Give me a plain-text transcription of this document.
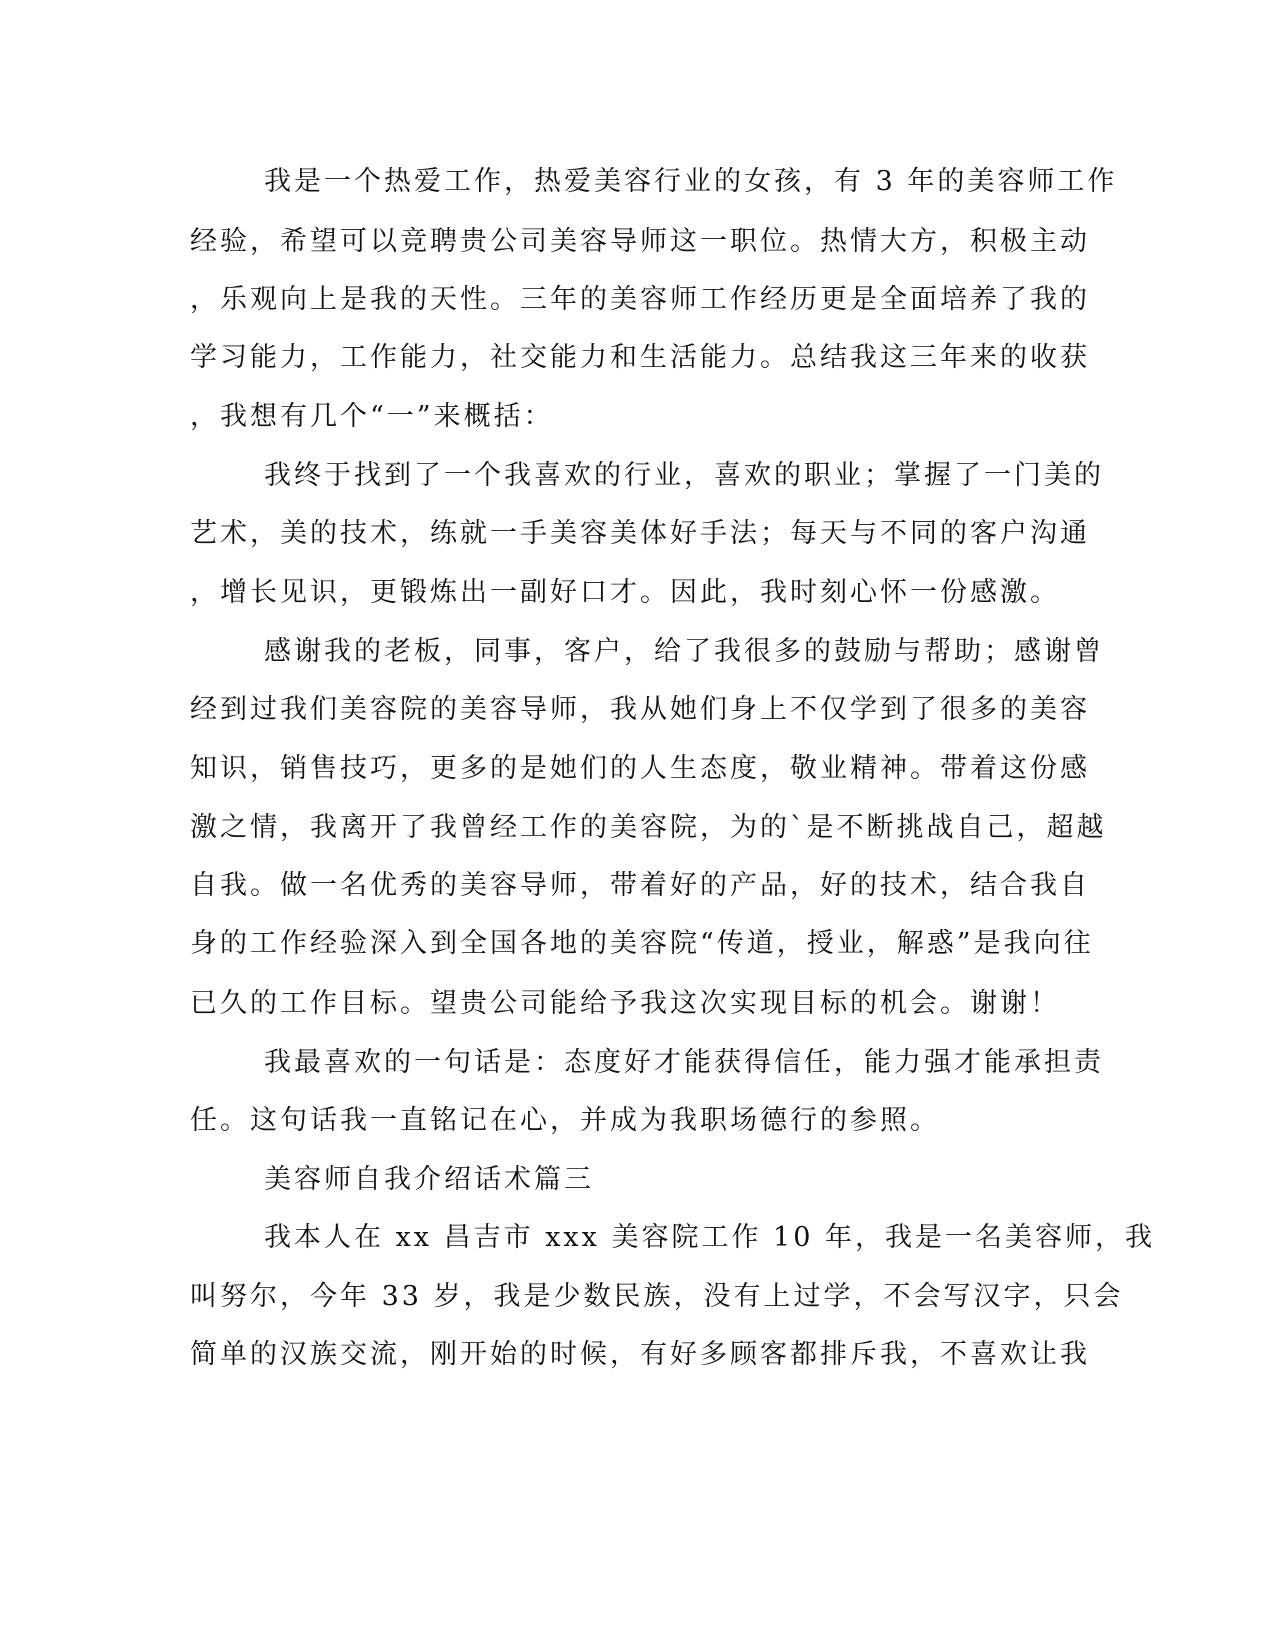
我是一个热爱工作，热爱美容行业的女孩，有 3 年的美容师工作
经验，希望可以竞聘贵公司美容导师这一职位。热情大方，积极主动
，乐观向上是我的天性。三年的美容师工作经历更是全面培养了我的
学习能力，工作能力，社交能力和生活能力。总结我这三年来的收获
，我想有几个“一”来概括：
我终于找到了一个我喜欢的行业，喜欢的职业；掌握了一门美的
艺术，美的技术，练就一手美容美体好手法；每天与不同的客户沟通
，增长见识，更锻炼出一副好口才。因此，我时刻心怀一份感激。
感谢我的老板，同事，客户，给了我很多的鼓励与帮助；感谢曾
经到过我们美容院的美容导师，我从她们身上不仅学到了很多的美容
知识，销售技巧，更多的是她们的人生态度，敬业精神。带着这份感
激之情，我离开了我曾经工作的美容院，为的`是不断挑战自己，超越
自我。做一名优秀的美容导师，带着好的产品，好的技术，结合我自
身的工作经验深入到全国各地的美容院“传道，授业，解惑”是我向往
已久的工作目标。望贵公司能给予我这次实现目标的机会。谢谢！
我最喜欢的一句话是：态度好才能获得信任，能力强才能承担责
任。这句话我一直铭记在心，并成为我职场德行的参照。
美容师自我介绍话术篇三
我本人在 xx 昌吉市 xxx 美容院工作 10 年，我是一名美容师，我
叫努尔，今年 33 岁，我是少数民族，没有上过学，不会写汉字，只会
简单的汉族交流，刚开始的时候，有好多顾客都排斥我，不喜欢让我
